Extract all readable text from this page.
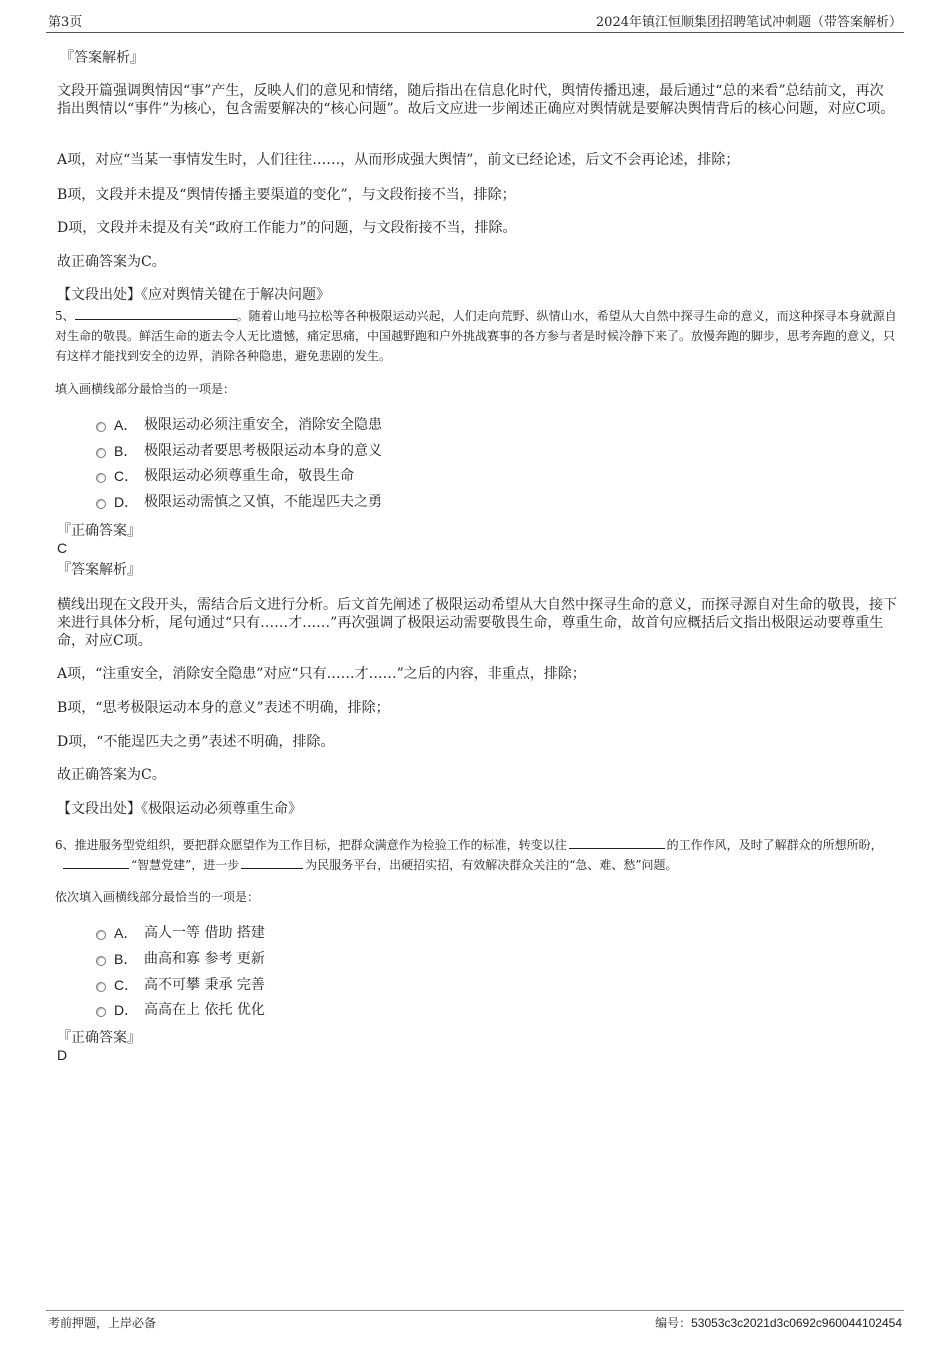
第3页	2024年镇江恒顺集团招聘笔试冲刺题（带答案解析）
『答案解析』
文段开篇强调舆情因“事”产生，反映人们的意见和情绪，随后指出在信息化时代，舆情传播迅速，最后通过“总的来看”总结前文，再次指出舆情以“事件”为核心，包含需要解决的“核心问题”。故后文应进一步阐述正确应对舆情就是要解决舆情背后的核心问题，对应C项。
A项，对应“当某一事情发生时，人们往往……，从而形成强大舆情”，前文已经论述，后文不会再论述，排除；
B项，文段并未提及“舆情传播主要渠道的变化”，与文段衔接不当，排除；
D项，文段并未提及有关“政府工作能力”的问题，与文段衔接不当，排除。
故正确答案为C。
【文段出处】《应对舆情关键在于解决问题》
5、	。随着山地马拉松等各种极限运动兴起，人们走向荒野、纵情山水，希望从大自然中探寻生命的意义，而这种探寻本身就源自对生命的敬畏。鲜活生命的逝去令人无比遗憾，痛定思痛，中国越野跑和户外挑战赛事的各方参与者是时候冷静下来了。放慢奔跑的脚步，思考奔跑的意义，只有这样才能找到安全的边界，消除各种隐患，避免悲剧的发生。
填入画横线部分最恰当的一项是：
A． 极限运动必须注重安全，消除安全隐患
B． 极限运动者要思考极限运动本身的意义
C． 极限运动必须尊重生命，敬畏生命
D． 极限运动需慎之又慎，不能逞匹夫之勇
『正确答案』
C
『答案解析』
横线出现在文段开头，需结合后文进行分析。后文首先阐述了极限运动希望从大自然中探寻生命的意义，而探寻源自对生命的敬畏，接下来进行具体分析，尾句通过“只有……才……”再次强调了极限运动需要敬畏生命，尊重生命，故首句应概括后文指出极限运动要尊重生命，对应C项。
A项，“注重安全，消除安全隐患”对应“只有……才……”之后的内容，非重点，排除；
B项，“思考极限运动本身的意义”表述不明确，排除；
D项，“不能逞匹夫之勇”表述不明确，排除。
故正确答案为C。
【文段出处】《极限运动必须尊重生命》
6、推进服务型党组织，要把群众愿望作为工作目标，把群众满意作为检验工作的标准，转变以往	的工作作风，及时了解群众的所想所盼，“智慧党建”，进一步	为民服务平台，出硬招实招，有效解决群众关注的“急、难、愁”问题。
依次填入画横线部分最恰当的一项是：
A． 高人一等 借助 搭建
B． 曲高和寡 参考 更新
C． 高不可攀 秉承 完善
D． 高高在上 依托 优化
『正确答案』
D
考前押题，上岸必备	编号：53053c3c2021d3c0692c960044102454
